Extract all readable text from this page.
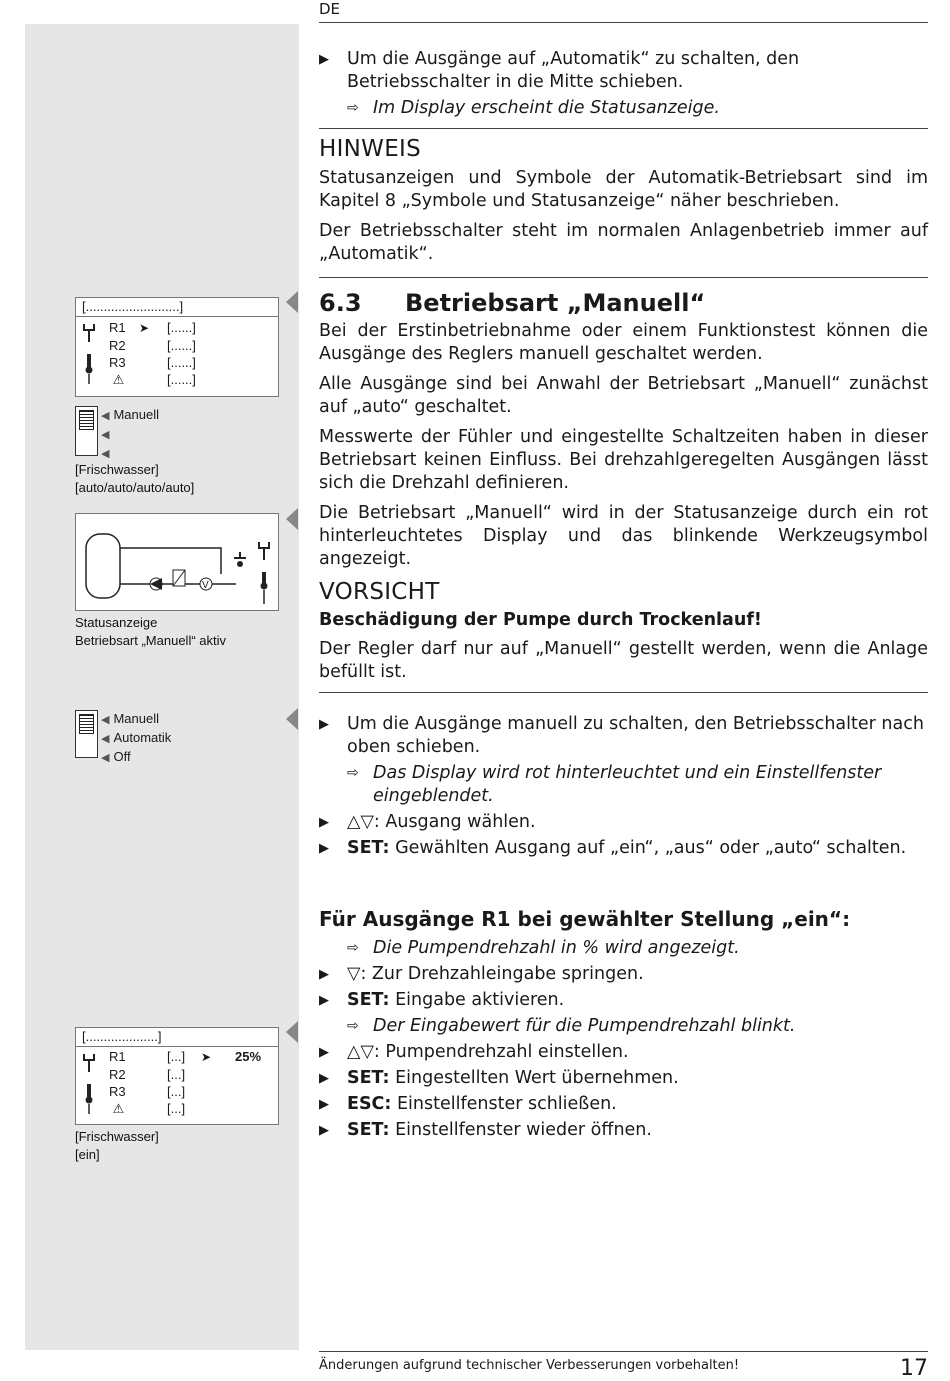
DE
[..........................]
R1 ➤ [......]
R2	[......]
R3	[......]
⚠	[......]
◀ Manuell
◀
◀
[Frischwasser]
[auto/auto/auto/auto]
V
Statusanzeige
Betriebsart „Manuell“ aktiv
◀ Manuell
◀ Automatik
◀ Off
[....................]
R1	[...] ➤ 25%
R2	[...]
R3	[...]
⚠	[...]
[Frischwasser]
[ein]

▶ Um die Ausgänge auf „Automatik“ zu schalten, den Betriebsschalter in die Mitte schieben.

⇨ Im Display erscheint die Statusanzeige.

HINWEIS

Statusanzeigen und Symbole der Automatik-Betriebsart sind im Kapitel 8 „Symbole und Statusanzeige“ näher beschrieben.

Der Betriebsschalter steht im normalen Anlagenbetrieb immer auf „Automatik“.

6.3 Betriebsart „Manuell“

Bei der Erstinbetriebnahme oder einem Funktionstest können die Ausgänge des Reglers manuell geschaltet werden.

Alle Ausgänge sind bei Anwahl der Betriebsart „Manuell“ zunächst auf „auto“ geschaltet.

Messwerte der Fühler und eingestellte Schaltzeiten haben in dieser Betriebsart keinen Einfluss. Bei drehzahlgeregelten Ausgängen lässt sich die Drehzahl definieren.

Die Betriebsart „Manuell“ wird in der Statusanzeige durch ein rot hinterleuchtetes Display und das blinkende Werkzeugsymbol angezeigt.

VORSICHT

Beschädigung der Pumpe durch Trockenlauf!

Der Regler darf nur auf „Manuell“ gestellt werden, wenn die Anlage befüllt ist.

▶ Um die Ausgänge manuell zu schalten, den Betriebsschalter nach oben schieben.

⇨ Das Display wird rot hinterleuchtet und ein Einstellfenster eingeblendet.

▶ △▽: Ausgang wählen.

▶ SET: Gewählten Ausgang auf „ein“, „aus“ oder „auto“ schalten.

Für Ausgänge R1 bei gewählter Stellung „ein“:

⇨ Die Pumpendrehzahl in % wird angezeigt.

▶ ▽: Zur Drehzahleingabe springen.

▶ SET: Eingabe aktivieren.

⇨ Der Eingabewert für die Pumpendrehzahl blinkt.

▶ △▽: Pumpendrehzahl einstellen.

▶ SET: Eingestellten Wert übernehmen.

▶ ESC: Einstellfenster schließen.

▶ SET: Einstellfenster wieder öffnen.

Änderungen aufgrund technischer Verbesserungen vorbehalten!	17
